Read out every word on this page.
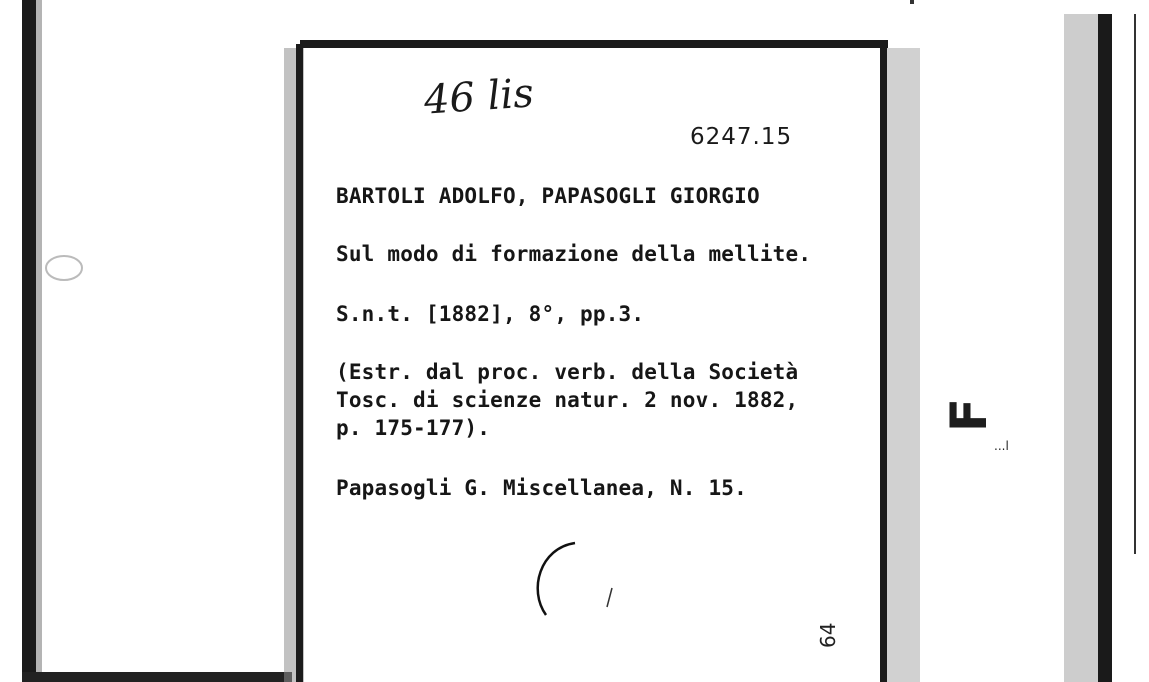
...l
46 lis
6247.15
BARTOLI ADOLFO, PAPASOGLI GIORGIO
Sul modo di formazione della mellite.
S.n.t. [1882], 8°, pp.3.
(Estr. dal proc. verb. della Società
Tosc. di scienze natur. 2 nov. 1882,
p. 175-177).
Papasogli G. Miscellanea, N. 15.
64
F
